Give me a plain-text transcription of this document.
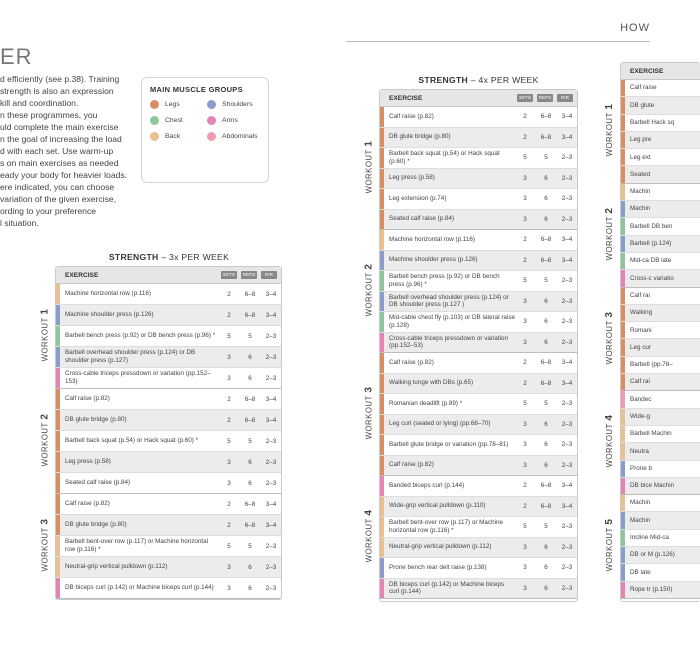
ER
d efficiently (see p.38). Training
strength is also an expression
kill and coordination.
n these programmes, you
uld complete the main exercise
n the goal of increasing the load
d with each set. Use warm-up
s on main exercises as needed
eady your body for heavier loads.
ere indicated, you can choose
variation of the given exercise,
ording to your preference
l situation.
MAIN MUSCLE GROUPS
Legs	Shoulders
Chest	Arms
Back	Abdominals
STRENGTH – 3x PER WEEK
WORKOUT 1
WORKOUT 2
WORKOUT 3
EXERCISE	SETS	REPS	RIR
Machine horizontal row (p.116)	2	6–8	3–4
Machine shoulder press (p.126)	2	6–8	3–4
Barbell bench press (p.92) or DB bench press (p.96) *	5	5	2–3
Barbell overhead shoulder press (p.124) or DB shoulder press (p.127)	3	6	2–3
Cross-cable triceps pressdown or variation (pp.152–153)	3	6	2–3
Calf raise (p.82)	2	6–8	3–4
DB glute bridge (p.80)	2	6–8	3–4
Barbell back squat (p.54) or Hack squat (p.60) *	5	5	2–3
Leg press (p.58)	3	6	2–3
Seated calf raise (p.84)	3	6	2–3
Calf raise (p.82)	2	6–8	3–4
DB glute bridge (p.80)	2	6–8	3–4
Barbell bent-over row (p.117) or Machine horizontal row (p.116) *	5	5	2–3
Neutral-grip vertical pulldown (p.112)	3	6	2–3
DB biceps curl (p.142) or Machine biceps curl (p.144)	3	6	2–3
HOW
STRENGTH – 4x PER WEEK
WORKOUT 1
WORKOUT 2
WORKOUT 3
WORKOUT 4
EXERCISE	SETS	REPS	RIR
Calf raise (p.82)	2	6–8	3–4
DB glute bridge (p.80)	2	6–8	3–4
Barbell back squat (p.54) or Hack squat (p.60) *	5	5	2–3
Leg press (p.58)	3	6	2–3
Leg extension (p.74)	3	6	2–3
Seated calf raise (p.84)	3	6	2–3
Machine horizontal row (p.116)	2	6–8	3–4
Machine shoulder press (p.126)	2	6–8	3–4
Barbell bench press (p.92) or DB bench press (p.96) *	5	5	2–3
Barbell overhead shoulder press (p.124) or DB shoulder press (p.127 )	3	6	2–3
Mid-cable chest fly (p.103) or DB lateral raise (p.128)	3	6	2–3
Cross-cable triceps pressdown or variation (pp.152–53)	3	6	2–3
Calf raise (p.82)	2	6–8	3–4
Walking lunge with DBs (p.65)	2	6–8	3–4
Romanian deadlift (p.89) *	5	5	2–3
Leg curl (seated or lying) (pp.68–70)	3	6	2–3
Barbell glute bridge or variation (pp.78–81)	3	6	2–3
Calf raise (p.82)	3	6	2–3
Banded biceps curl (p.144)	2	6–8	3–4
Wide-grip vertical pulldown (p.110)	2	6–8	3–4
Barbell bent-over row (p.117) or Machine horizontal row (p.116) *	5	5	2–3
Neutral-grip vertical pulldown (p.112)	3	6	2–3
Prone bench rear delt raise (p.138)	3	6	2–3
DB biceps curl (p.142) or Machine biceps curl (p.144)	3	6	2–3
WORKOUT 1
WORKOUT 2
WORKOUT 3
WORKOUT 4
WORKOUT 5
EXERCISE
Calf raise
DB glute
Barbell Hack sq
Leg pre
Leg ext
Seated
Machin
Machin
Barbell DB ben
Barbell (p.124)
Mid-ca DB late
Cross-c variatio
Calf rai
Walking
Romani
Leg cur
Barbell (pp.78–
Calf rai
Bandec
Wide-g
Barbell Machin
Neutra
Prone b
DB bice Machin
Machin
Machin
Incline Mid-ca
DB or M (p.126)
DB late
Rope tr (p.150)
